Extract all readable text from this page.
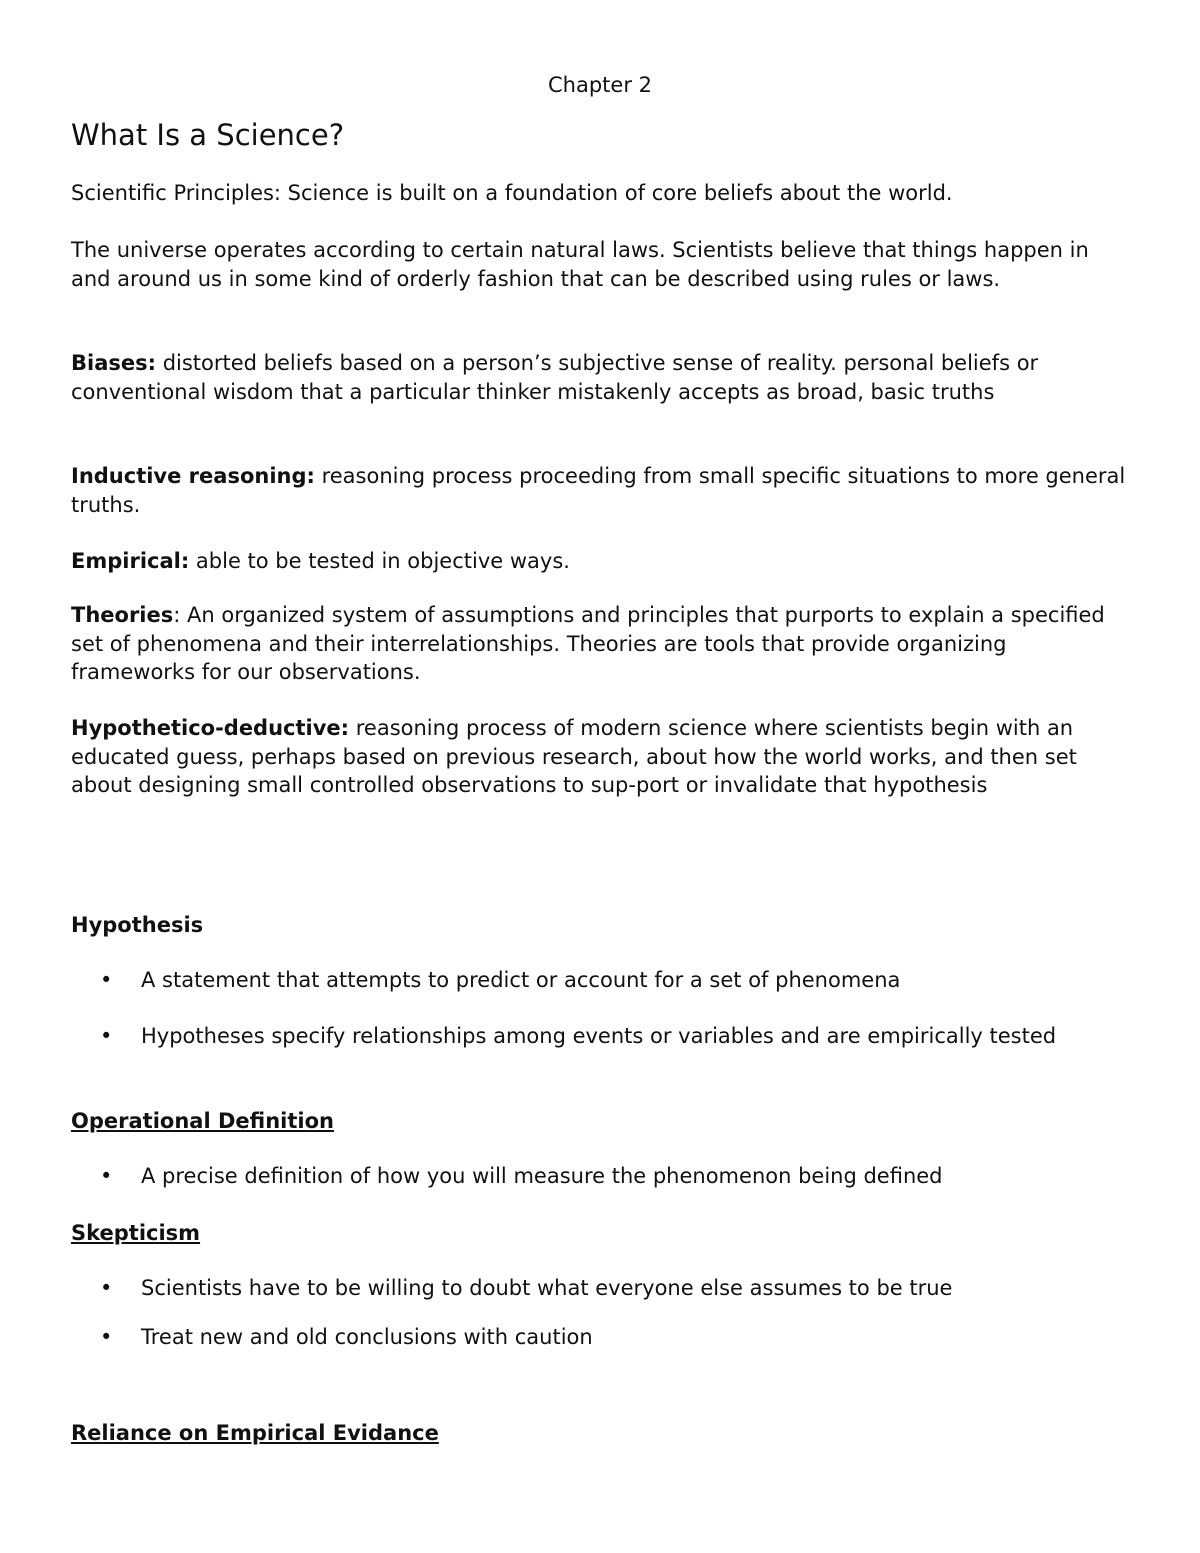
Chapter 2
What Is a Science?

Scientific Principles: Science is built on a foundation of core beliefs about the world.

The universe operates according to certain natural laws. Scientists believe that things happen in and around us in some kind of orderly fashion that can be described using rules or laws.

Biases: distorted beliefs based on a person’s subjective sense of reality. personal beliefs or conventional wisdom that a particular thinker mistakenly accepts as broad, basic truths

Inductive reasoning: reasoning process proceeding from small specific situations to more general truths.

Empirical: able to be tested in objective ways.

Theories: An organized system of assumptions and principles that purports to explain a specified set of phenomena and their interrelationships. Theories are tools that provide organizing frameworks for our observations.

Hypothetico-deductive: reasoning process of modern science where scientists begin with an educated guess, perhaps based on previous research, about how the world works, and then set about designing small controlled observations to sup-port or invalidate that hypothesis

Hypothesis
• A statement that attempts to predict or account for a set of phenomena
• Hypotheses specify relationships among events or variables and are empirically tested
Operational Definition
• A precise definition of how you will measure the phenomenon being defined
Skepticism
• Scientists have to be willing to doubt what everyone else assumes to be true
• Treat new and old conclusions with caution
Reliance on Empirical Evidance
